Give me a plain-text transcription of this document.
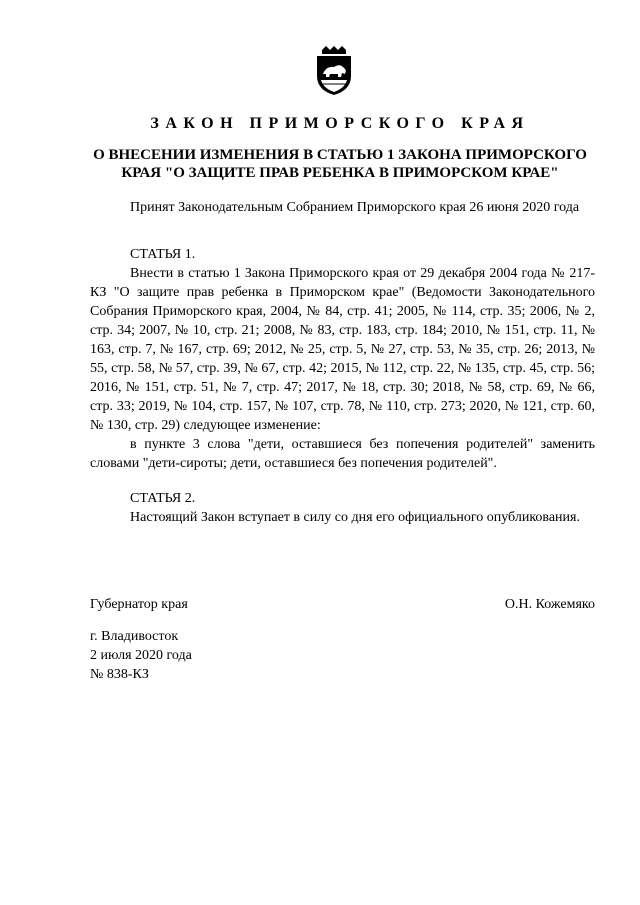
ЗАКОН ПРИМОРСКОГО КРАЯ
О ВНЕСЕНИИ ИЗМЕНЕНИЯ В СТАТЬЮ 1 ЗАКОНА ПРИМОРСКОГО
КРАЯ "О ЗАЩИТЕ ПРАВ РЕБЕНКА В ПРИМОРСКОМ КРАЕ"
Принят Законодательным Собранием Приморского края 26 июня 2020 года

СТАТЬЯ 1.

Внести в статью 1 Закона Приморского края от 29 декабря 2004 года № 217-КЗ "О защите прав ребенка в Приморском крае" (Ведомости Законодательного Собрания Приморского края, 2004, № 84, стр. 41; 2005, № 114, стр. 35; 2006, № 2, стр. 34; 2007, № 10, стр. 21; 2008, № 83, стр. 183, стр. 184; 2010, № 151, стр. 11, № 163, стр. 7, № 167, стр. 69; 2012, № 25, стр. 5, № 27, стр. 53, № 35, стр. 26; 2013, № 55, стр. 58, № 57, стр. 39, № 67, стр. 42; 2015, № 112, стр. 22, № 135, стр. 45, стр. 56; 2016, № 151, стр. 51, № 7, стр. 47; 2017, № 18, стр. 30; 2018, № 58, стр. 69, № 66, стр. 33; 2019, № 104, стр. 157, № 107, стр. 78, № 110, стр. 273; 2020, № 121, стр. 60, № 130, стр. 29) следующее изменение:

в пункте 3 слова "дети, оставшиеся без попечения родителей" заменить словами "дети-сироты; дети, оставшиеся без попечения родителей".

СТАТЬЯ 2.

Настоящий Закон вступает в силу со дня его официального опубликования.

Губернатор края	О.Н. Кожемяко
г. Владивосток
2 июля 2020 года
№ 838-КЗ
